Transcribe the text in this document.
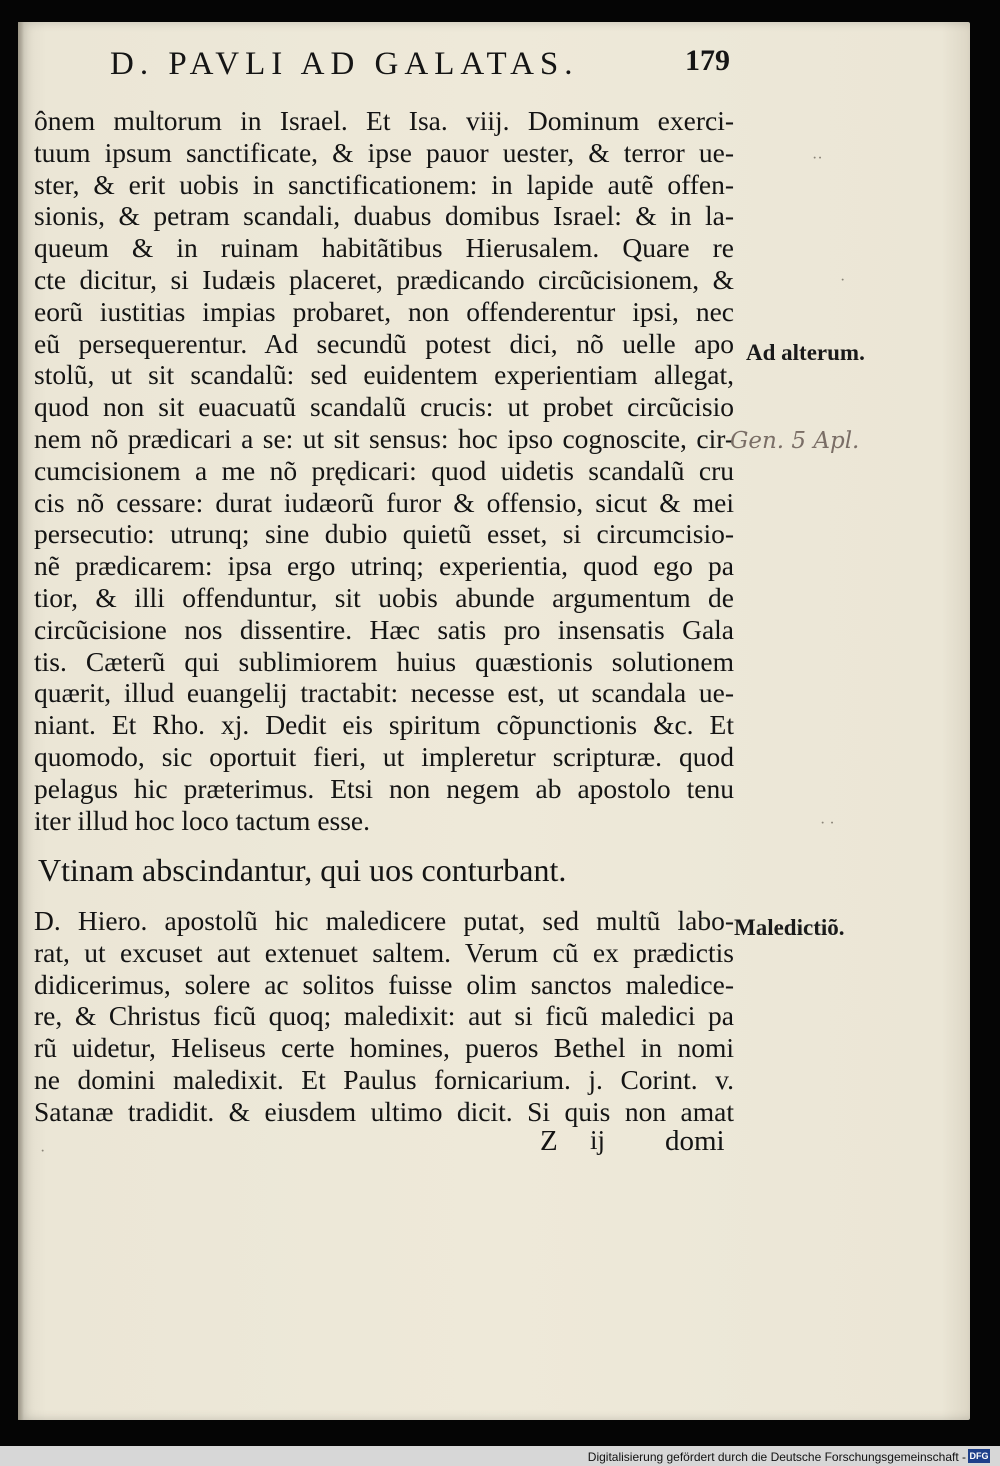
D. PAVLI AD GALATAS.	179
ônem multorum in Israel. Et Isa. viij. Dominum exerci-
tuum ipsum sanctificate, & ipse pauor uester, & terror ue-
ster, & erit uobis in sanctificationem: in lapide autẽ offen-
sionis, & petram scandali, duabus domibus Israel: & in la-
queum & in ruinam habitãtibus Hierusalem. Quare re
cte dicitur, si Iudæis placeret, prædicando circũcisionem, &
eorũ iustitias impias probaret, non offenderentur ipsi, nec
eũ persequerentur. Ad secundũ potest dici, nõ uelle apo
stolũ, ut sit scandalũ: sed euidentem experientiam allegat,
quod non sit euacuatũ scandalũ crucis: ut probet circũcisio
nem nõ prædicari a se: ut sit sensus: hoc ipso cognoscite, cir-
cumcisionem a me nõ prędicari: quod uidetis scandalũ cru
cis nõ cessare: durat iudæorũ furor & offensio, sicut & mei
persecutio: utrunq; sine dubio quietũ esset, si circumcisio-
nẽ prædicarem: ipsa ergo utrinq; experientia, quod ego pa
tior, & illi offenduntur, sit uobis abunde argumentum de
circũcisione nos dissentire. Hæc satis pro insensatis Gala
tis. Cæterũ qui sublimiorem huius quæstionis solutionem
quærit, illud euangelij tractabit: necesse est, ut scandala ue-
niant. Et Rho. xj. Dedit eis spiritum cõpunctionis &c. Et
quomodo, sic oportuit fieri, ut impleretur scripturæ. quod
pelagus hic præterimus. Etsi non negem ab apostolo tenu
iter illud hoc loco tactum esse.
Vtinam abscindantur, qui uos conturbant.
D. Hiero. apostolũ hic maledicere putat, sed multũ labo-
rat, ut excuset aut extenuet saltem. Verum cũ ex prædictis
didicerimus, solere ac solitos fuisse olim sanctos maledice-
re, & Christus ficũ quoq; maledixit: aut si ficũ maledici pa
rũ uidetur, Heliseus certe homines, pueros Bethel in nomi
ne domini maledixit. Et Paulus fornicarium. j. Corint. v.
Satanæ tradidit. & eiusdem ultimo dicit. Si quis non amat
Z ij domi
Ad alterum.
Maledictiõ.
Gen. 5 Apl.
··
·
· ·
·
Digitalisierung gefördert durch die Deutsche Forschungsgemeinschaft - DFG
